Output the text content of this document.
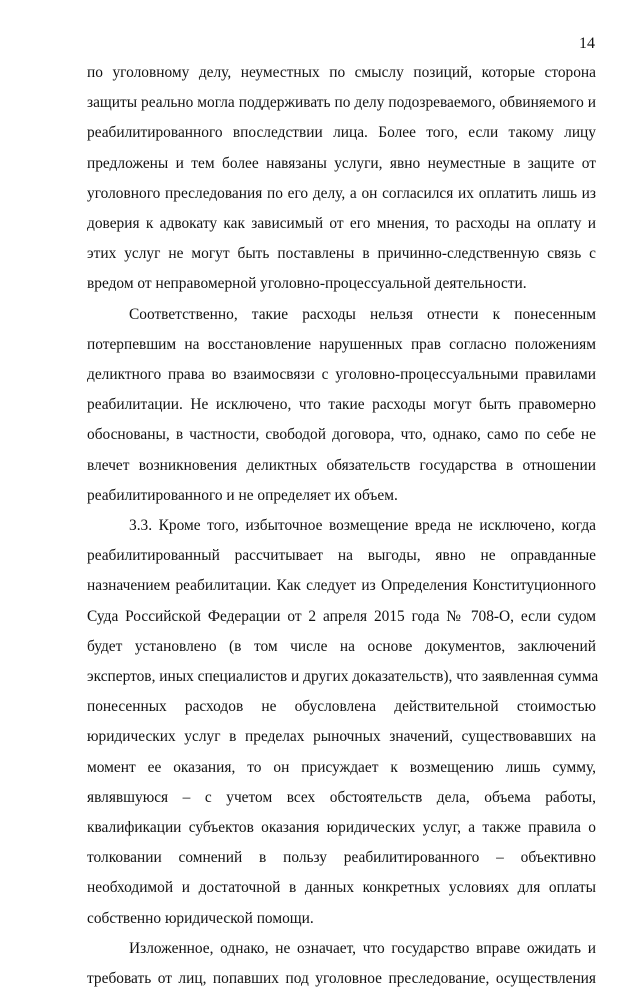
14
по уголовному делу, неуместных по смыслу позиций, которые сторона
защиты реально могла поддерживать по делу подозреваемого, обвиняемого и
реабилитированного впоследствии лица. Более того, если такому лицу
предложены и тем более навязаны услуги, явно неуместные в защите от
уголовного преследования по его делу, а он согласился их оплатить лишь из
доверия к адвокату как зависимый от его мнения, то расходы на оплату и
этих услуг не могут быть поставлены в причинно-следственную связь с
вредом от неправомерной уголовно-процессуальной деятельности.
Соответственно, такие расходы нельзя отнести к понесенным
потерпевшим на восстановление нарушенных прав согласно положениям
деликтного права во взаимосвязи с уголовно-процессуальными правилами
реабилитации. Не исключено, что такие расходы могут быть правомерно
обоснованы, в частности, свободой договора, что, однако, само по себе не
влечет возникновения деликтных обязательств государства в отношении
реабилитированного и не определяет их объем.
3.3. Кроме того, избыточное возмещение вреда не исключено, когда
реабилитированный рассчитывает на выгоды, явно не оправданные
назначением реабилитации. Как следует из Определения Конституционного
Суда Российской Федерации от 2 апреля 2015 года № 708-О, если судом
будет установлено (в том числе на основе документов, заключений
экспертов, иных специалистов и других доказательств), что заявленная сумма
понесенных расходов не обусловлена действительной стоимостью
юридических услуг в пределах рыночных значений, существовавших на
момент ее оказания, то он присуждает к возмещению лишь сумму,
являвшуюся – с учетом всех обстоятельств дела, объема работы,
квалификации субъектов оказания юридических услуг, а также правила о
толковании сомнений в пользу реабилитированного – объективно
необходимой и достаточной в данных конкретных условиях для оплаты
собственно юридической помощи.
Изложенное, однако, не означает, что государство вправе ожидать и
требовать от лиц, попавших под уголовное преследование, осуществления
